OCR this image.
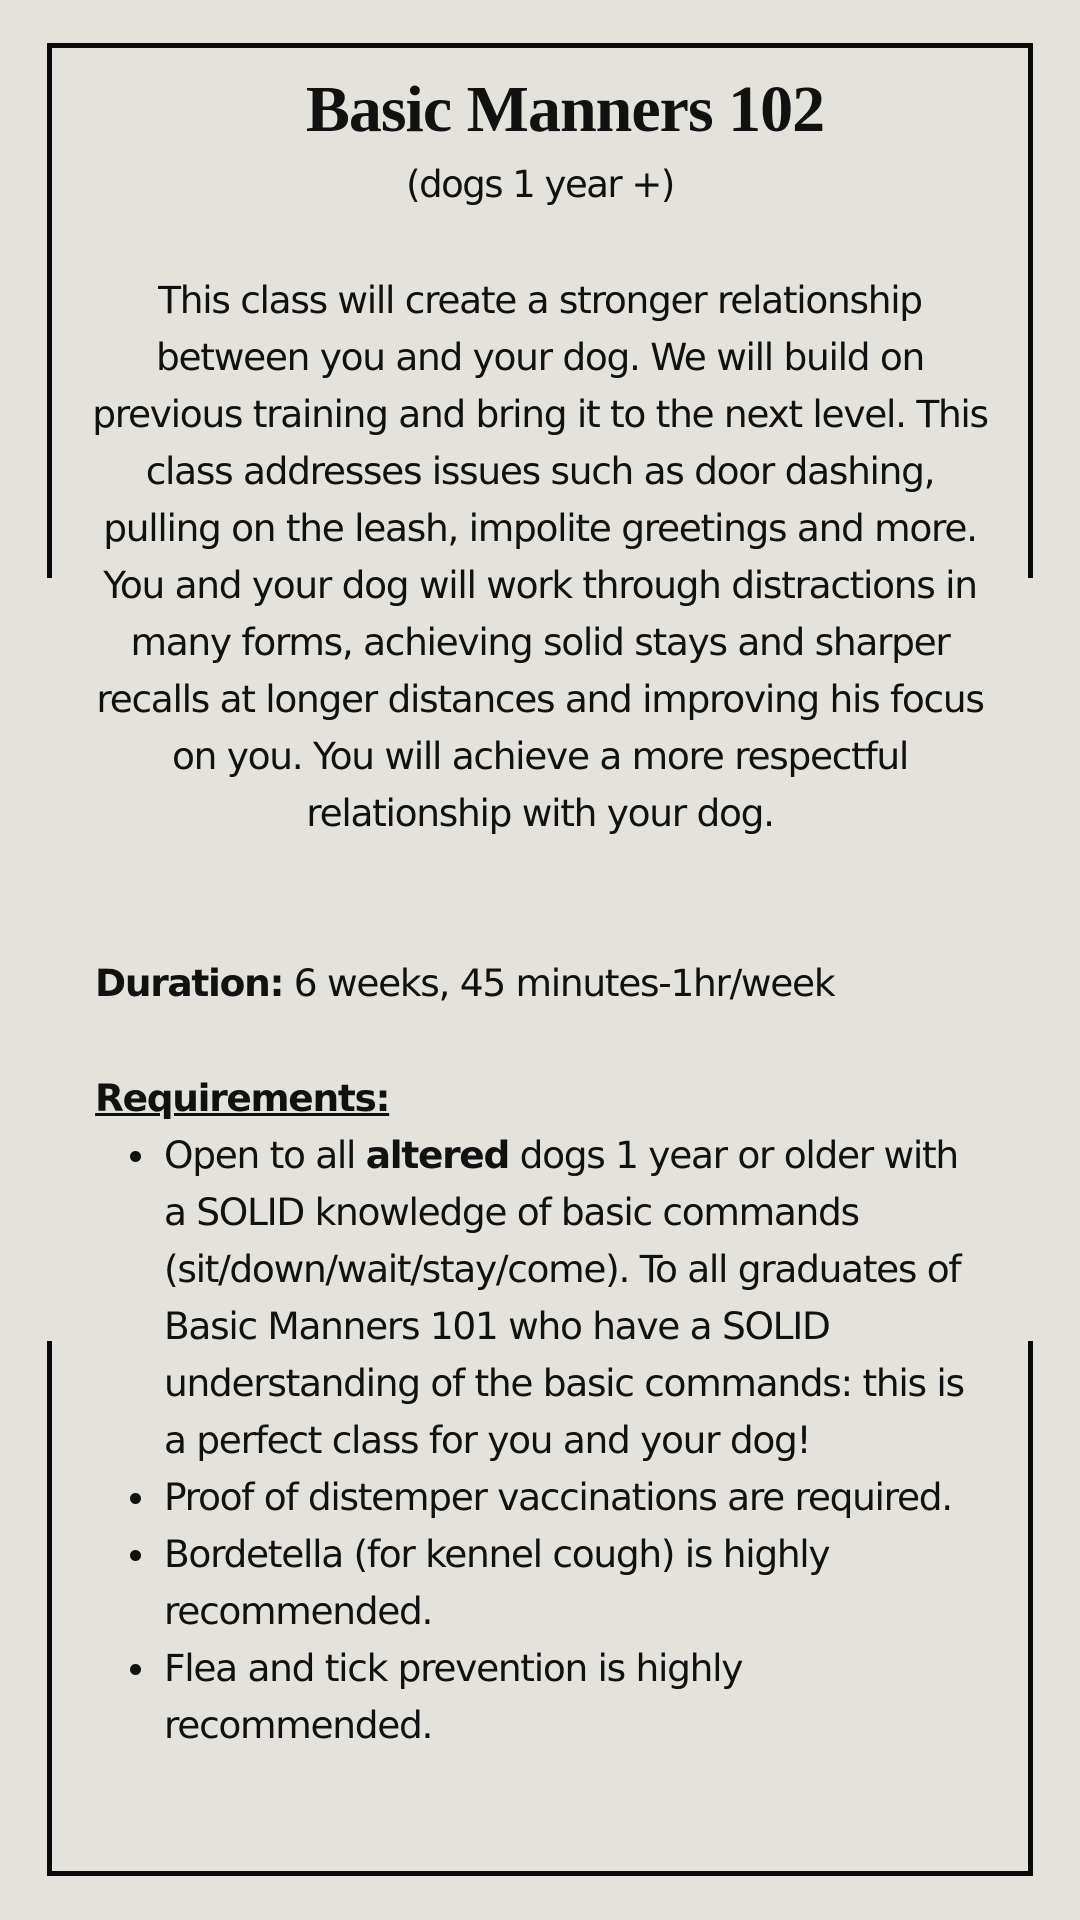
Basic Manners 102
(dogs 1 year +)
This class will create a stronger relationship between you and your dog. We will build on previous training and bring it to the next level. This class addresses issues such as door dashing, pulling on the leash, impolite greetings and more. You and your dog will work through distractions in many forms, achieving solid stays and sharper recalls at longer distances and improving his focus on you. You will achieve a more respectful relationship with your dog.
Duration: 6 weeks, 45 minutes-1hr/week
Requirements:
Open to all altered dogs 1 year or older with a SOLID knowledge of basic commands (sit/down/wait/stay/come). To all graduates of Basic Manners 101 who have a SOLID understanding of the basic commands: this is a perfect class for you and your dog!
Proof of distemper vaccinations are required.
Bordetella (for kennel cough) is highly recommended.
Flea and tick prevention is highly recommended.
